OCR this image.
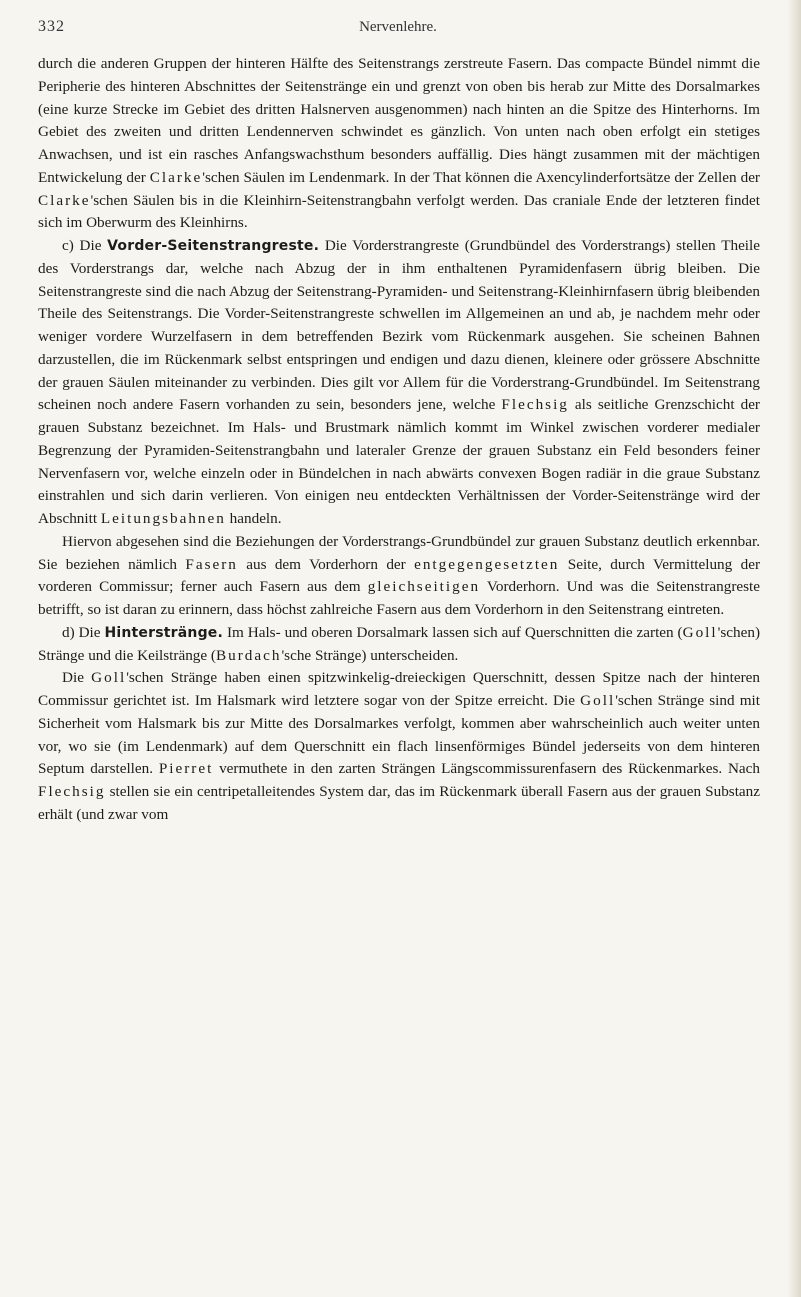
332	Nervenlehre.

durch die anderen Gruppen der hinteren Hälfte des Seitenstrangs zerstreute Fasern. Das compacte Bündel nimmt die Peripherie des hinteren Abschnittes der Seitenstränge ein und grenzt von oben bis herab zur Mitte des Dorsalmarkes (eine kurze Strecke im Gebiet des dritten Halsnerven ausgenommen) nach hinten an die Spitze des Hinterhorns. Im Gebiet des zweiten und dritten Lendennerven schwindet es gänzlich. Von unten nach oben erfolgt ein stetiges Anwachsen, und ist ein rasches Anfangswachsthum besonders auffällig. Dies hängt zusammen mit der mächtigen Entwickelung der Clarke'schen Säulen im Lendenmark. In der That können die Axencylinderfortsätze der Zellen der Clarke'schen Säulen bis in die Kleinhirn-Seitenstrangbahn verfolgt werden. Das craniale Ende der letzteren findet sich im Oberwurm des Kleinhirns.

c) Die Vorder-Seitenstrangreste. Die Vorderstrangreste (Grundbündel des Vorderstrangs) stellen Theile des Vorderstrangs dar, welche nach Abzug der in ihm enthaltenen Pyramidenfasern übrig bleiben. Die Seitenstrangreste sind die nach Abzug der Seitenstrang-Pyramiden- und Seitenstrang-Kleinhirnfasern übrig bleibenden Theile des Seitenstrangs. Die Vorder-Seitenstrangreste schwellen im Allgemeinen an und ab, je nachdem mehr oder weniger vordere Wurzelfasern in dem betreffenden Bezirk vom Rückenmark ausgehen. Sie scheinen Bahnen darzustellen, die im Rückenmark selbst entspringen und endigen und dazu dienen, kleinere oder grössere Abschnitte der grauen Säulen miteinander zu verbinden. Dies gilt vor Allem für die Vorderstrang-Grundbündel. Im Seitenstrang scheinen noch andere Fasern vorhanden zu sein, besonders jene, welche Flechsig als seitliche Grenzschicht der grauen Substanz bezeichnet. Im Hals- und Brustmark nämlich kommt im Winkel zwischen vorderer medialer Begrenzung der Pyramiden-Seitenstrangbahn und lateraler Grenze der grauen Substanz ein Feld besonders feiner Nervenfasern vor, welche einzeln oder in Bündelchen in nach abwärts convexen Bogen radiär in die graue Substanz einstrahlen und sich darin verlieren. Von einigen neu entdeckten Verhältnissen der Vorder-Seitenstränge wird der Abschnitt Leitungsbahnen handeln.

Hiervon abgesehen sind die Beziehungen der Vorderstrangs-Grundbündel zur grauen Substanz deutlich erkennbar. Sie beziehen nämlich Fasern aus dem Vorderhorn der entgegengesetzten Seite, durch Vermittelung der vorderen Commissur; ferner auch Fasern aus dem gleichseitigen Vorderhorn. Und was die Seitenstrangreste betrifft, so ist daran zu erinnern, dass höchst zahlreiche Fasern aus dem Vorderhorn in den Seitenstrang eintreten.

d) Die Hinterstränge. Im Hals- und oberen Dorsalmark lassen sich auf Querschnitten die zarten (Goll'schen) Stränge und die Keilstränge (Burdach'sche Stränge) unterscheiden.

Die Goll'schen Stränge haben einen spitzwinkelig-dreieckigen Querschnitt, dessen Spitze nach der hinteren Commissur gerichtet ist. Im Halsmark wird letztere sogar von der Spitze erreicht. Die Goll'schen Stränge sind mit Sicherheit vom Halsmark bis zur Mitte des Dorsalmarkes verfolgt, kommen aber wahrscheinlich auch weiter unten vor, wo sie (im Lendenmark) auf dem Querschnitt ein flach linsenförmiges Bündel jederseits von dem hinteren Septum darstellen. Pierret vermuthete in den zarten Strängen Längscommissurenfasern des Rückenmarkes. Nach Flechsig stellen sie ein centripetalleitendes System dar, das im Rückenmark überall Fasern aus der grauen Substanz erhält (und zwar vom
